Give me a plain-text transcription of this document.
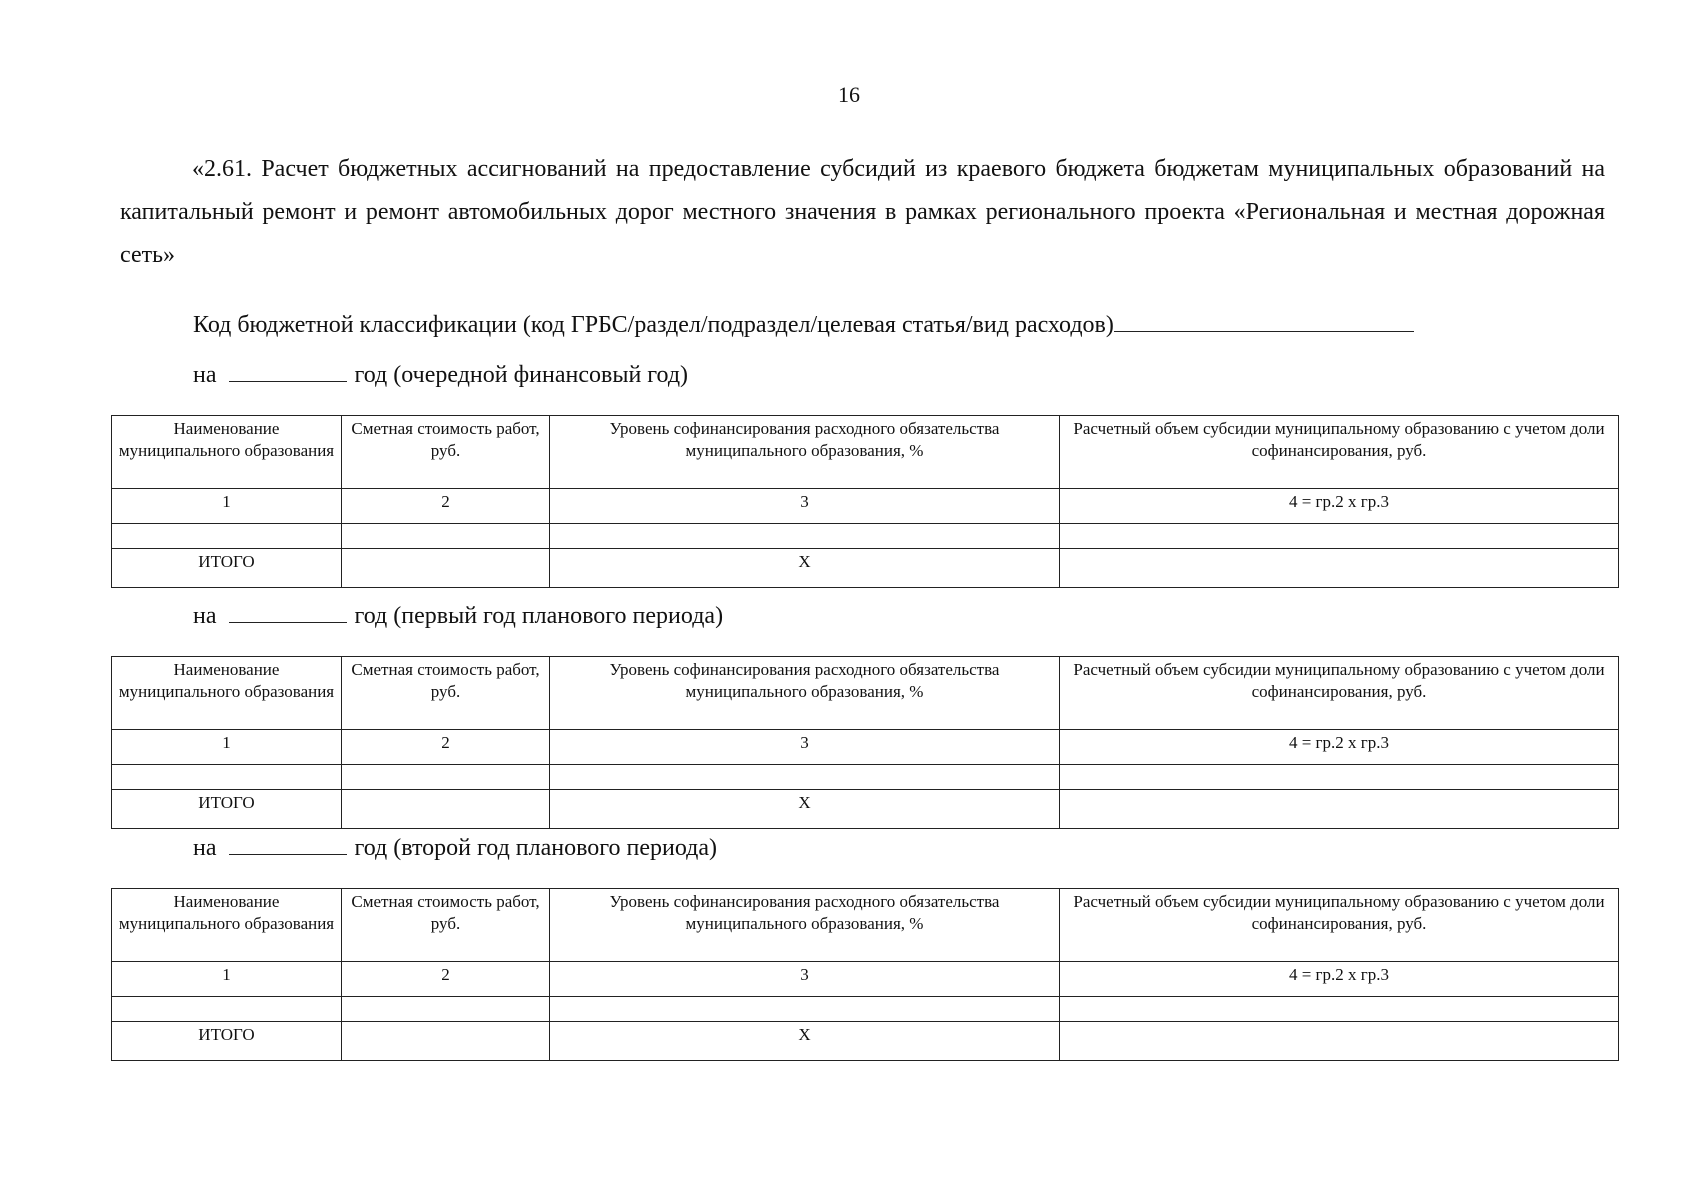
16
«2.61. Расчет бюджетных ассигнований на предоставление субсидий из краевого бюджета бюджетам муниципальных образований на капитальный ремонт и ремонт автомобильных дорог местного значения в рамках регионального проекта «Региональная и местная дорожная сеть»
Код бюджетной классификации (код ГРБС/раздел/подраздел/целевая статья/вид расходов)
на	год (очередной финансовый год)
Наименование муниципального образования	Сметная стоимость работ, руб.	Уровень софинансирования расходного обязательства муниципального образования, %	Расчетный объем субсидии муниципальному образованию с учетом доли софинансирования, руб.
1	2	3	4 = гр.2 х гр.3

ИТОГО		Х	
на	год (первый год планового периода)
Наименование муниципального образования	Сметная стоимость работ, руб.	Уровень софинансирования расходного обязательства муниципального образования, %	Расчетный объем субсидии муниципальному образованию с учетом доли софинансирования, руб.
1	2	3	4 = гр.2 х гр.3

ИТОГО		Х	
на	год (второй год планового периода)
Наименование муниципального образования	Сметная стоимость работ, руб.	Уровень софинансирования расходного обязательства муниципального образования, %	Расчетный объем субсидии муниципальному образованию с учетом доли софинансирования, руб.
1	2	3	4 = гр.2 х гр.3

ИТОГО		Х	
